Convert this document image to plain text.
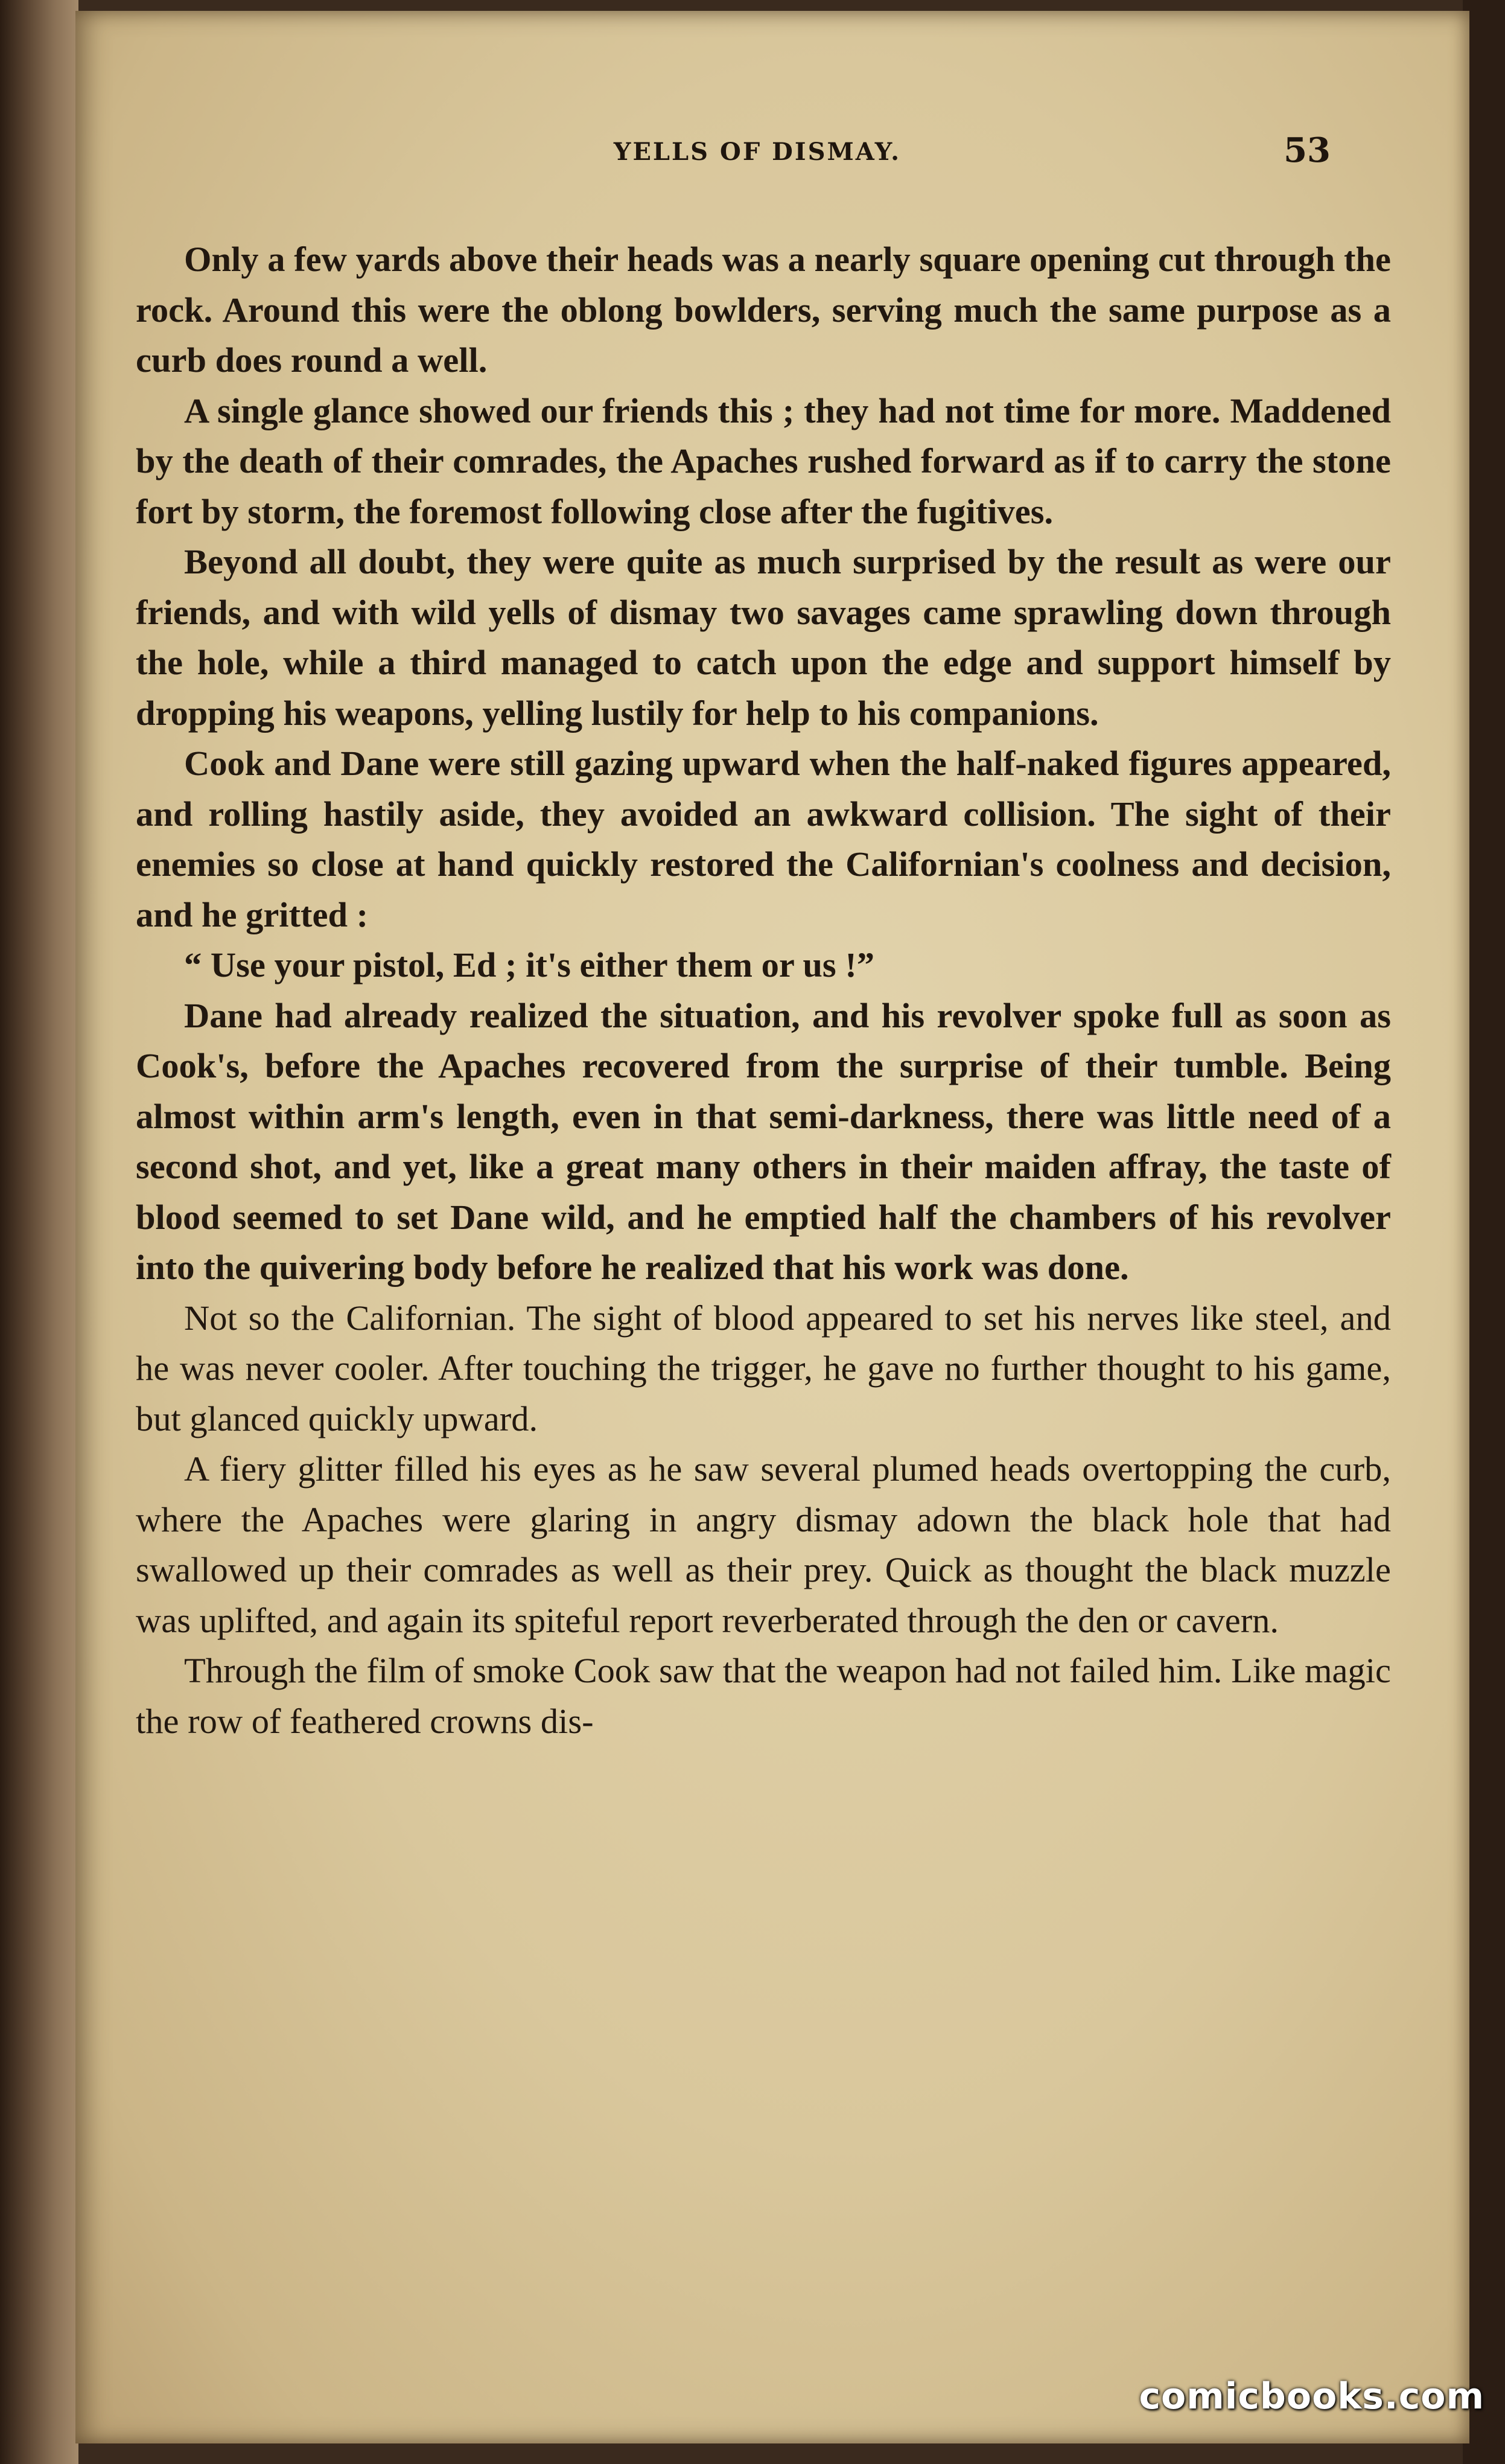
YELLS OF DISMAY.	53

Only a few yards above their heads was a nearly square opening cut through the rock. Around this were the oblong bowlders, serving much the same purpose as a curb does round a well.

A single glance showed our friends this ; they had not time for more. Maddened by the death of their comrades, the Apaches rushed forward as if to carry the stone fort by storm, the foremost following close after the fugitives.

Beyond all doubt, they were quite as much surprised by the result as were our friends, and with wild yells of dismay two savages came sprawling down through the hole, while a third managed to catch upon the edge and support himself by dropping his weapons, yelling lustily for help to his companions.

Cook and Dane were still gazing upward when the half-naked figures appeared, and rolling hastily aside, they avoided an awkward collision. The sight of their enemies so close at hand quickly restored the Californian's coolness and decision, and he gritted :

“ Use your pistol, Ed ; it's either them or us !”

Dane had already realized the situation, and his revolver spoke full as soon as Cook's, before the Apaches recovered from the surprise of their tumble. Being almost within arm's length, even in that semi-darkness, there was little need of a second shot, and yet, like a great many others in their maiden affray, the taste of blood seemed to set Dane wild, and he emptied half the chambers of his revolver into the quivering body before he realized that his work was done.

Not so the Californian. The sight of blood appeared to set his nerves like steel, and he was never cooler. After touching the trigger, he gave no further thought to his game, but glanced quickly upward.

A fiery glitter filled his eyes as he saw several plumed heads overtopping the curb, where the Apaches were glaring in angry dismay adown the black hole that had swallowed up their comrades as well as their prey. Quick as thought the black muzzle was uplifted, and again its spiteful report reverberated through the den or cavern.

Through the film of smoke Cook saw that the weapon had not failed him. Like magic the row of feathered crowns dis-

comicbooks.com
